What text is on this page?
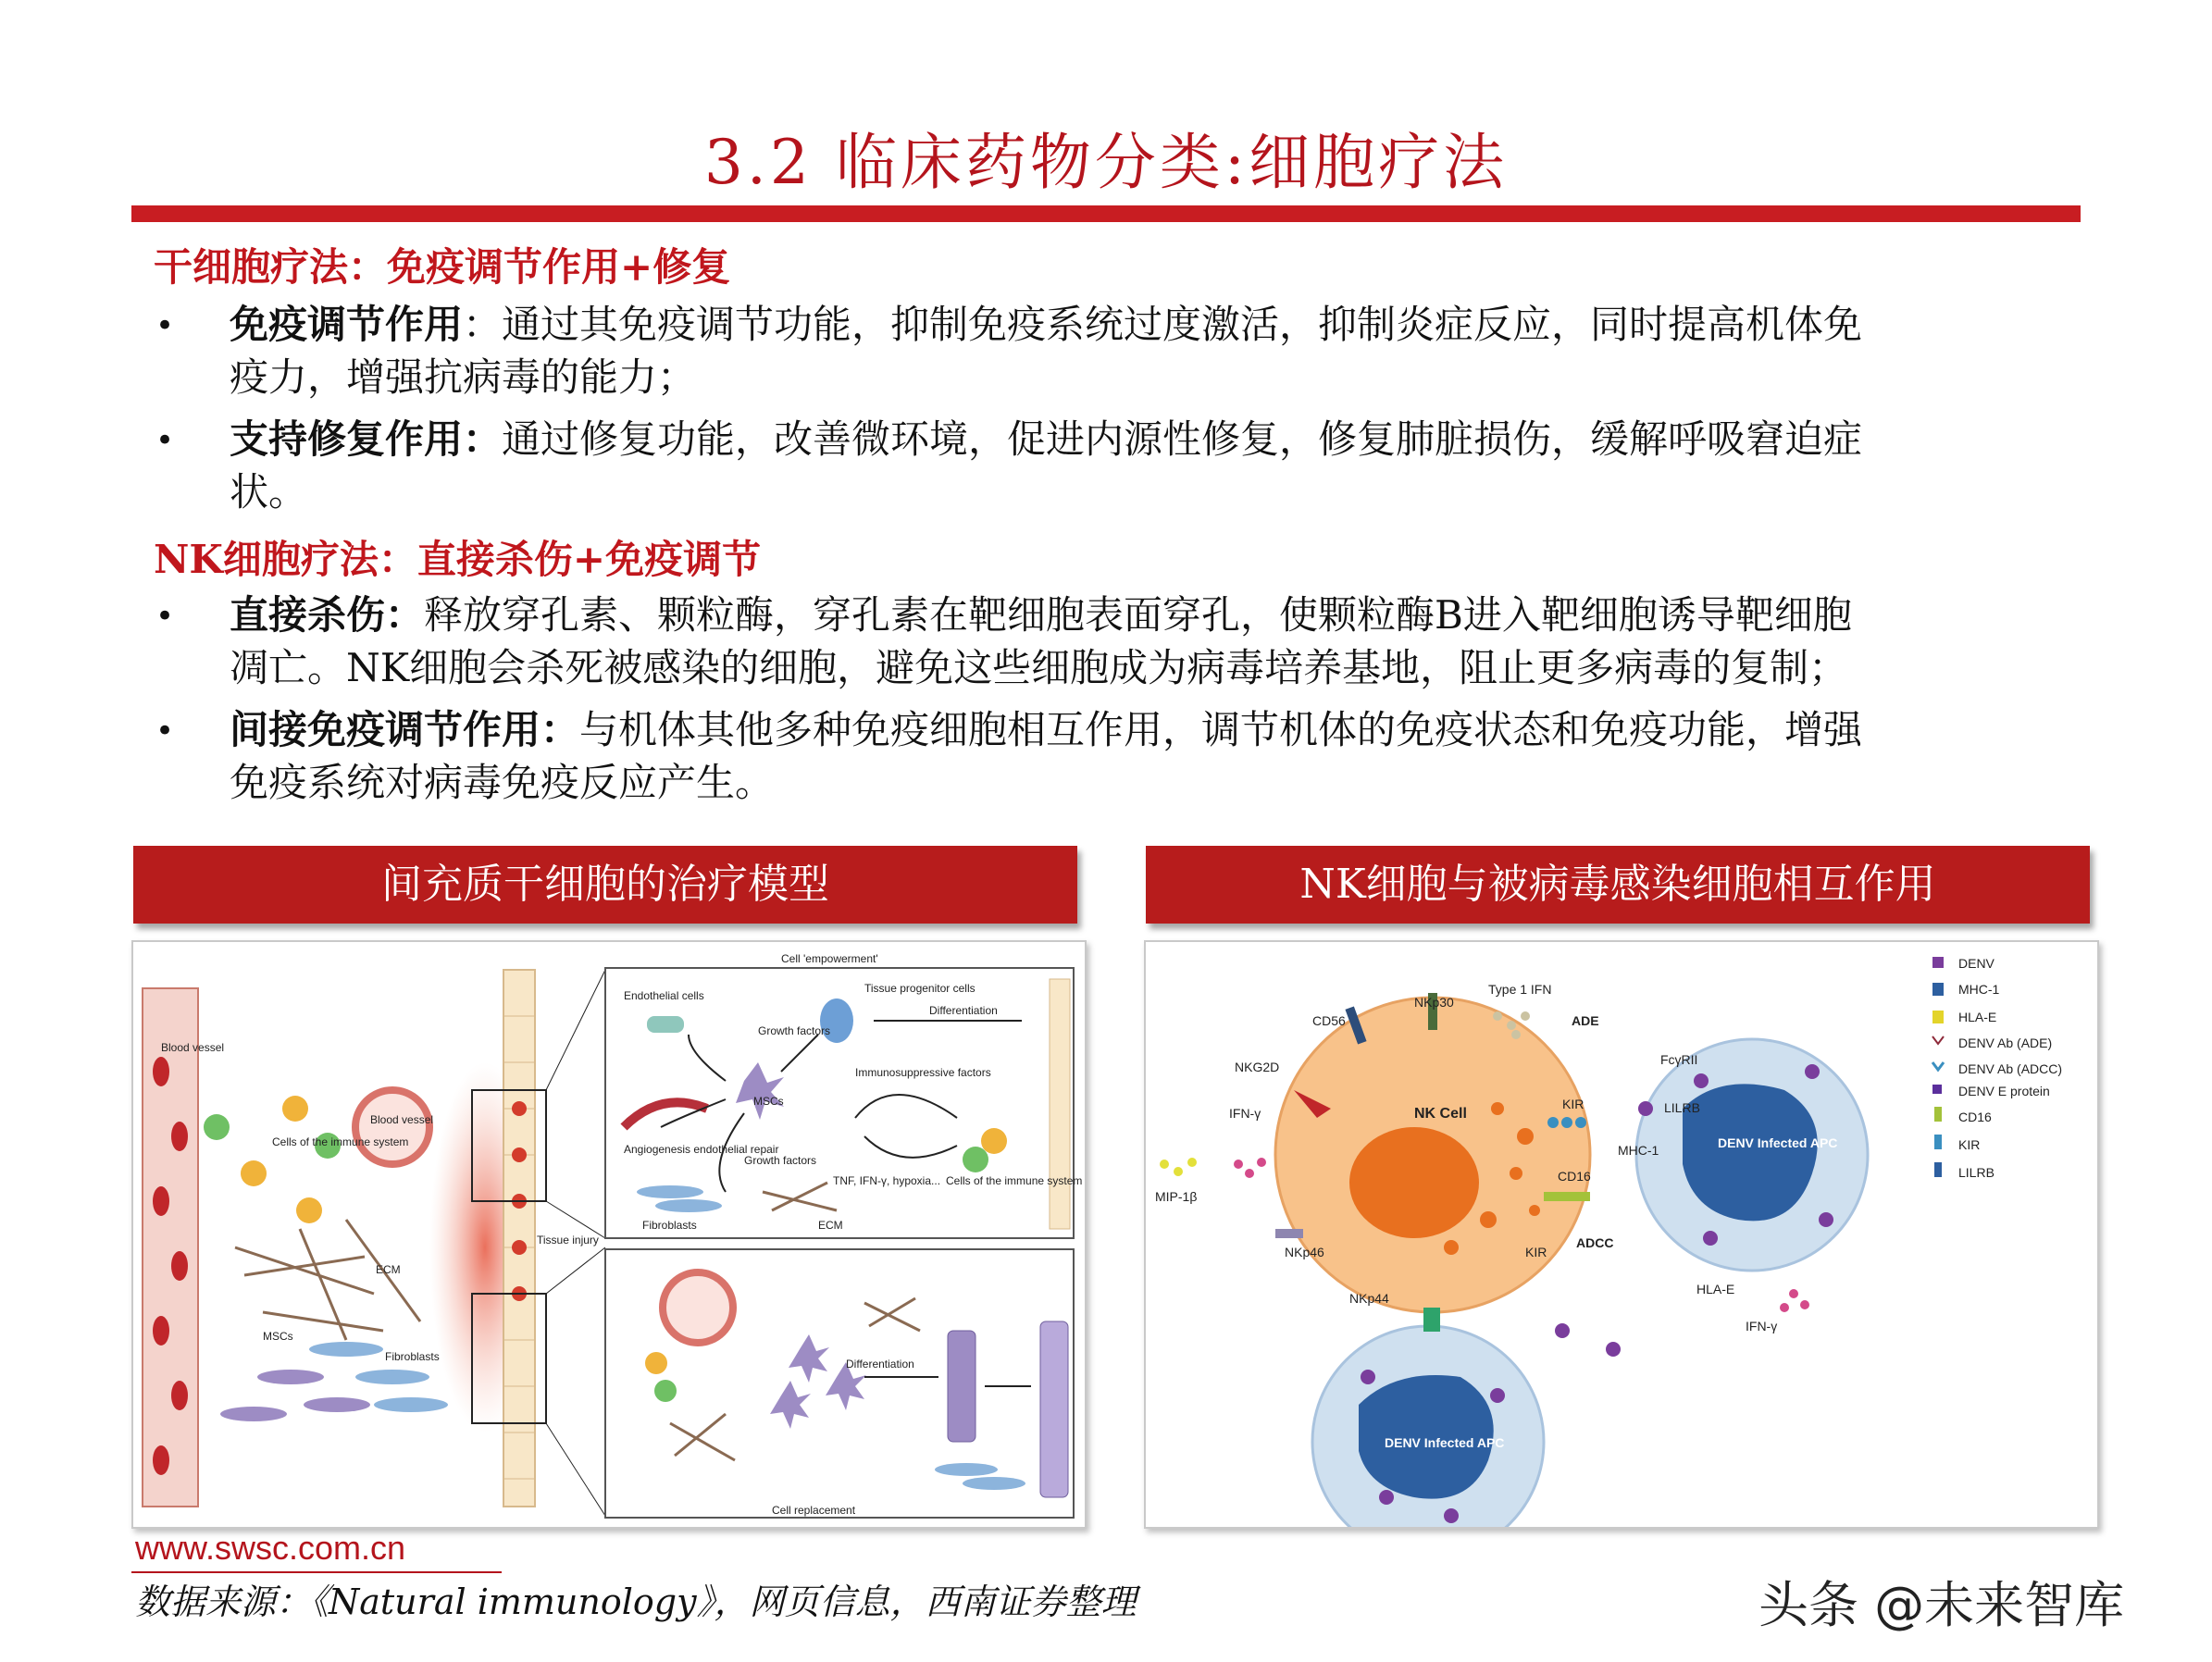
3.2 临床药物分类:细胞疗法
干细胞疗法：免疫调节作用+修复
• 免疫调节作用：通过其免疫调节功能，抑制免疫系统过度激活，抑制炎症反应，同时提高机体免
疫力，增强抗病毒的能力；
• 支持修复作用：通过修复功能，改善微环境，促进内源性修复，修复肺脏损伤，缓解呼吸窘迫症
状。
NK细胞疗法：直接杀伤+免疫调节
• 直接杀伤：释放穿孔素、颗粒酶，穿孔素在靶细胞表面穿孔，使颗粒酶B进入靶细胞诱导靶细胞
凋亡。NK细胞会杀死被感染的细胞，避免这些细胞成为病毒培养基地，阻止更多病毒的复制；
• 间接免疫调节作用：与机体其他多种免疫细胞相互作用，调节机体的免疫状态和免疫功能，增强
免疫系统对病毒免疫反应产生。
间充质干细胞的治疗模型
Blood vessel
Cells of the immune system
Blood vessel
ECM
MSCs
Fibroblasts
Tissue injury
Cell 'empowerment'
Endothelial cells
Tissue progenitor cells
Differentiation
Growth factors
MSCs
Immunosuppressive factors
Angiogenesis endothelial repair
Growth factors
TNF, IFN-γ, hypoxia... Cells of the immune system
Fibroblasts	ECM
Differentiation
Cell replacement
NK细胞与被病毒感染细胞相互作用
DENV
MHC-1
HLA-E
DENV Ab (ADE)
DENV Ab (ADCC)
DENV E protein
CD16
KIR
LILRB
Type 1 IFN
NKp30
CD56	ADE
NKG2D
IFN-γ	NK Cell
KIR
FcγRII
LILRB
MHC-1
CD16
MIP-1β
NKp46	KIR
ADCC
NKp44
HLA-E
IFN-γ
DENV Infected APC
DENV Infected APC
www.swsc.com.cn
数据来源：《Natural immunology》，网页信息，西南证券整理	头条 @未来智库
